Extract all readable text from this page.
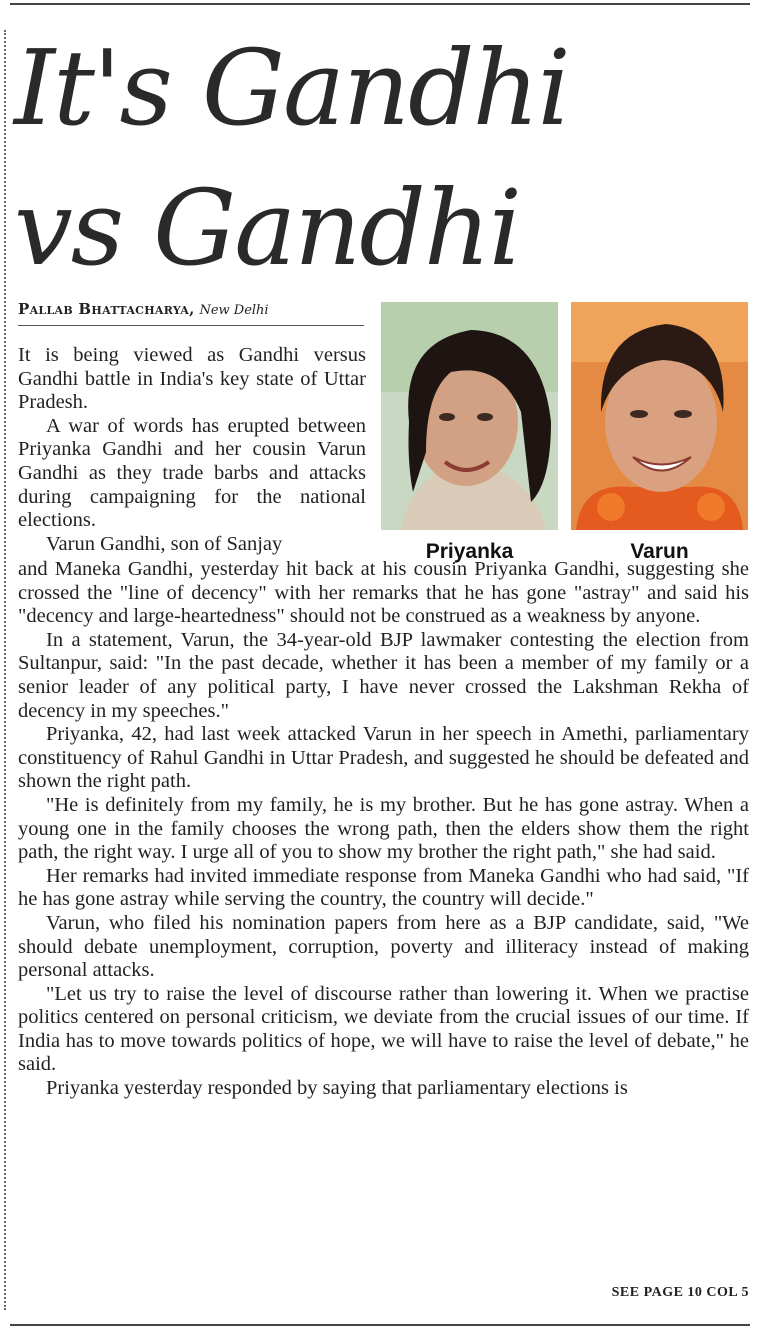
It's Gandhi
vs Gandhi
Pallab Bhattacharya, New Delhi
Priyanka	Varun

It is being viewed as Gandhi versus Gandhi battle in India's key state of Uttar Pradesh.

A war of words has erupted between Priyanka Gandhi and her cousin Varun Gandhi as they trade barbs and attacks during campaigning for the national elections.

Varun Gandhi, son of Sanjay

and Maneka Gandhi, yesterday hit back at his cousin Priyanka Gandhi, suggesting she crossed the "line of decency" with her remarks that he has gone "astray" and said his "decency and large-heartedness" should not be construed as a weakness by anyone.

In a statement, Varun, the 34-year-old BJP lawmaker contesting the election from Sultanpur, said: "In the past decade, whether it has been a member of my family or a senior leader of any political party, I have never crossed the Lakshman Rekha of decency in my speeches."

Priyanka, 42, had last week attacked Varun in her speech in Amethi, parliamentary constituency of Rahul Gandhi in Uttar Pradesh, and suggested he should be defeated and shown the right path.

"He is definitely from my family, he is my brother. But he has gone astray. When a young one in the family chooses the wrong path, then the elders show them the right path, the right way. I urge all of you to show my brother the right path," she had said.

Her remarks had invited immediate response from Maneka Gandhi who had said, "If he has gone astray while serving the country, the country will decide."

Varun, who filed his nomination papers from here as a BJP candidate, said, "We should debate unemployment, corruption, poverty and illiteracy instead of making personal attacks.

"Let us try to raise the level of discourse rather than lowering it. When we practise politics centered on personal criticism, we deviate from the crucial issues of our time. If India has to move towards politics of hope, we will have to raise the level of debate," he said.

Priyanka yesterday responded by saying that parliamentary elections is

SEE PAGE 10 COL 5
